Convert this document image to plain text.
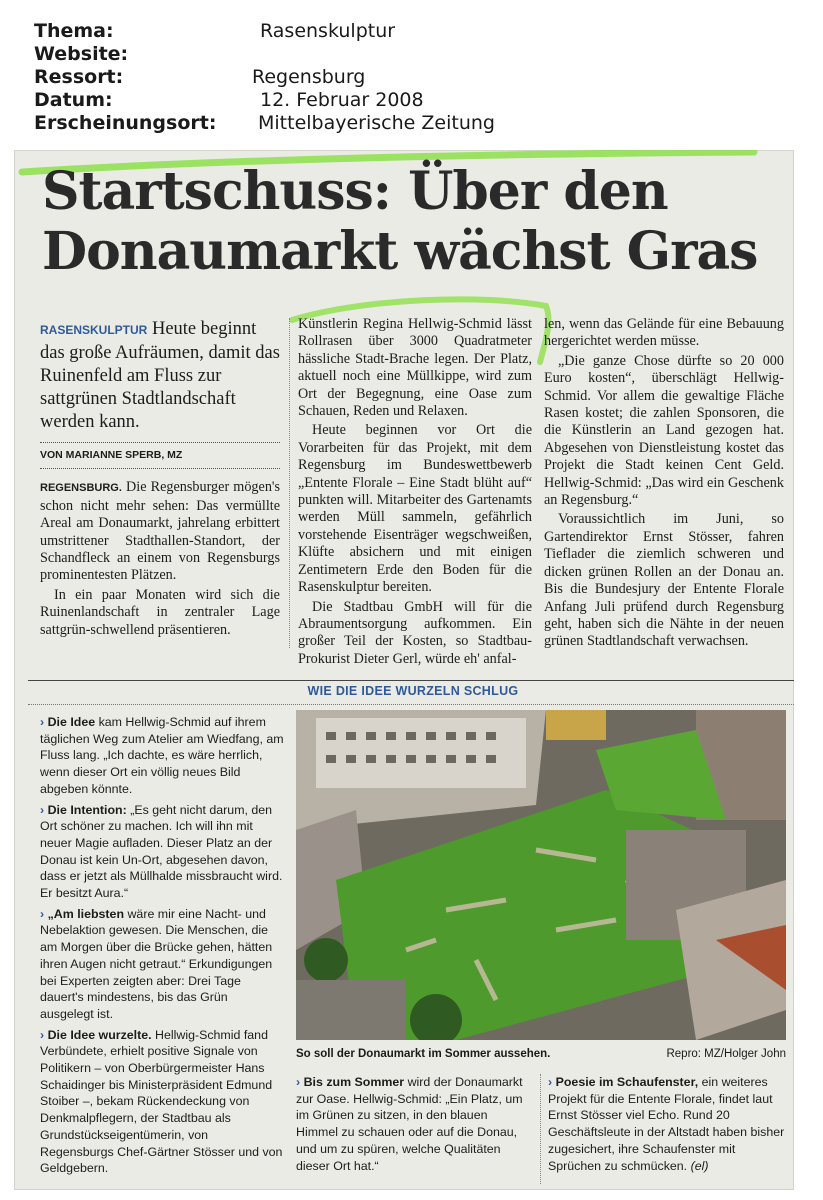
Thema:	Rasenskulptur
Website:
Ressort:	Regensburg
Datum:	12. Februar 2008
Erscheinungsort: Mittelbayerische Zeitung
Startschuss: Über den
Donaumarkt wächst Gras

RASENSKULPTUR Heute beginnt das große Aufräumen, damit das Ruinenfeld am Fluss zur sattgrünen Stadtlandschaft werden kann.

VON MARIANNE SPERB, MZ

REGENSBURG. Die Regensburger mögen's schon nicht mehr sehen: Das vermüllte Areal am Donaumarkt, jahrelang erbittert umstrittener Stadthallen-Standort, der Schandfleck an einem von Regensburgs prominentesten Plätzen.

In ein paar Monaten wird sich die Ruinenlandschaft in zentraler Lage sattgrün-schwellend präsentieren.

Künstlerin Regina Hellwig-Schmid lässt Rollrasen über 3000 Quadratmeter hässliche Stadt-Brache legen. Der Platz, aktuell noch eine Müllkippe, wird zum Ort der Begegnung, eine Oase zum Schauen, Reden und Relaxen.

Heute beginnen vor Ort die Vorarbeiten für das Projekt, mit dem Regensburg im Bundeswettbewerb „Entente Florale – Eine Stadt blüht auf“ punkten will. Mitarbeiter des Gartenamts werden Müll sammeln, gefährlich vorstehende Eisenträger wegschweißen, Klüfte absichern und mit einigen Zentimetern Erde den Boden für die Rasenskulptur bereiten.

Die Stadtbau GmbH will für die Abraumentsorgung aufkommen. Ein großer Teil der Kosten, so Stadtbau-Prokurist Dieter Gerl, würde eh' anfal-

len, wenn das Gelände für eine Bebauung hergerichtet werden müsse.

„Die ganze Chose dürfte so 20 000 Euro kosten“, überschlägt Hellwig-Schmid. Vor allem die gewaltige Fläche Rasen kostet; die zahlen Sponsoren, die die Künstlerin an Land gezogen hat. Abgesehen von Dienstleistung kostet das Projekt die Stadt keinen Cent Geld. Hellwig-Schmid: „Das wird ein Geschenk an Regensburg.“

Voraussichtlich im Juni, so Gartendirektor Ernst Stösser, fahren Tieflader die ziemlich schweren und dicken grünen Rollen an der Donau an. Bis die Bundesjury der Entente Florale Anfang Juli prüfend durch Regensburg geht, haben sich die Nähte in der neuen grünen Stadtlandschaft verwachsen.

WIE DIE IDEE WURZELN SCHLUG

› Die Idee kam Hellwig-Schmid auf ihrem täglichen Weg zum Atelier am Wiedfang, am Fluss lang. „Ich dachte, es wäre herrlich, wenn dieser Ort ein völlig neues Bild abgeben könnte.

› Die Intention: „Es geht nicht darum, den Ort schöner zu machen. Ich will ihn mit neuer Magie aufladen. Dieser Platz an der Donau ist kein Un-Ort, abgesehen davon, dass er jetzt als Müllhalde missbraucht wird. Er besitzt Aura.“

› „Am liebsten wäre mir eine Nacht- und Nebelaktion gewesen. Die Menschen, die am Morgen über die Brücke gehen, hätten ihren Augen nicht getraut.“ Erkundigungen bei Experten zeigten aber: Drei Tage dauert's mindestens, bis das Grün ausgelegt ist.

› Die Idee wurzelte. Hellwig-Schmid fand Verbündete, erhielt positive Signale von Politikern – von Oberbürgermeister Hans Schaidinger bis Ministerpräsident Edmund Stoiber –, bekam Rückendeckung von Denkmalpflegern, der Stadtbau als Grundstückseigentümerin, von Regensburgs Chef-Gärtner Stösser und von Geldgebern.

So soll der Donaumarkt im Sommer aussehen.	Repro: MZ/Holger John

› Bis zum Sommer wird der Donaumarkt zur Oase. Hellwig-Schmid: „Ein Platz, um im Grünen zu sitzen, in den blauen Himmel zu schauen oder auf die Donau, und um zu spüren, welche Qualitäten dieser Ort hat.“

› Poesie im Schaufenster, ein weiteres Projekt für die Entente Florale, findet laut Ernst Stösser viel Echo. Rund 20 Geschäftsleute in der Altstadt haben bisher zugesichert, ihre Schaufenster mit Sprüchen zu schmücken. (el)
